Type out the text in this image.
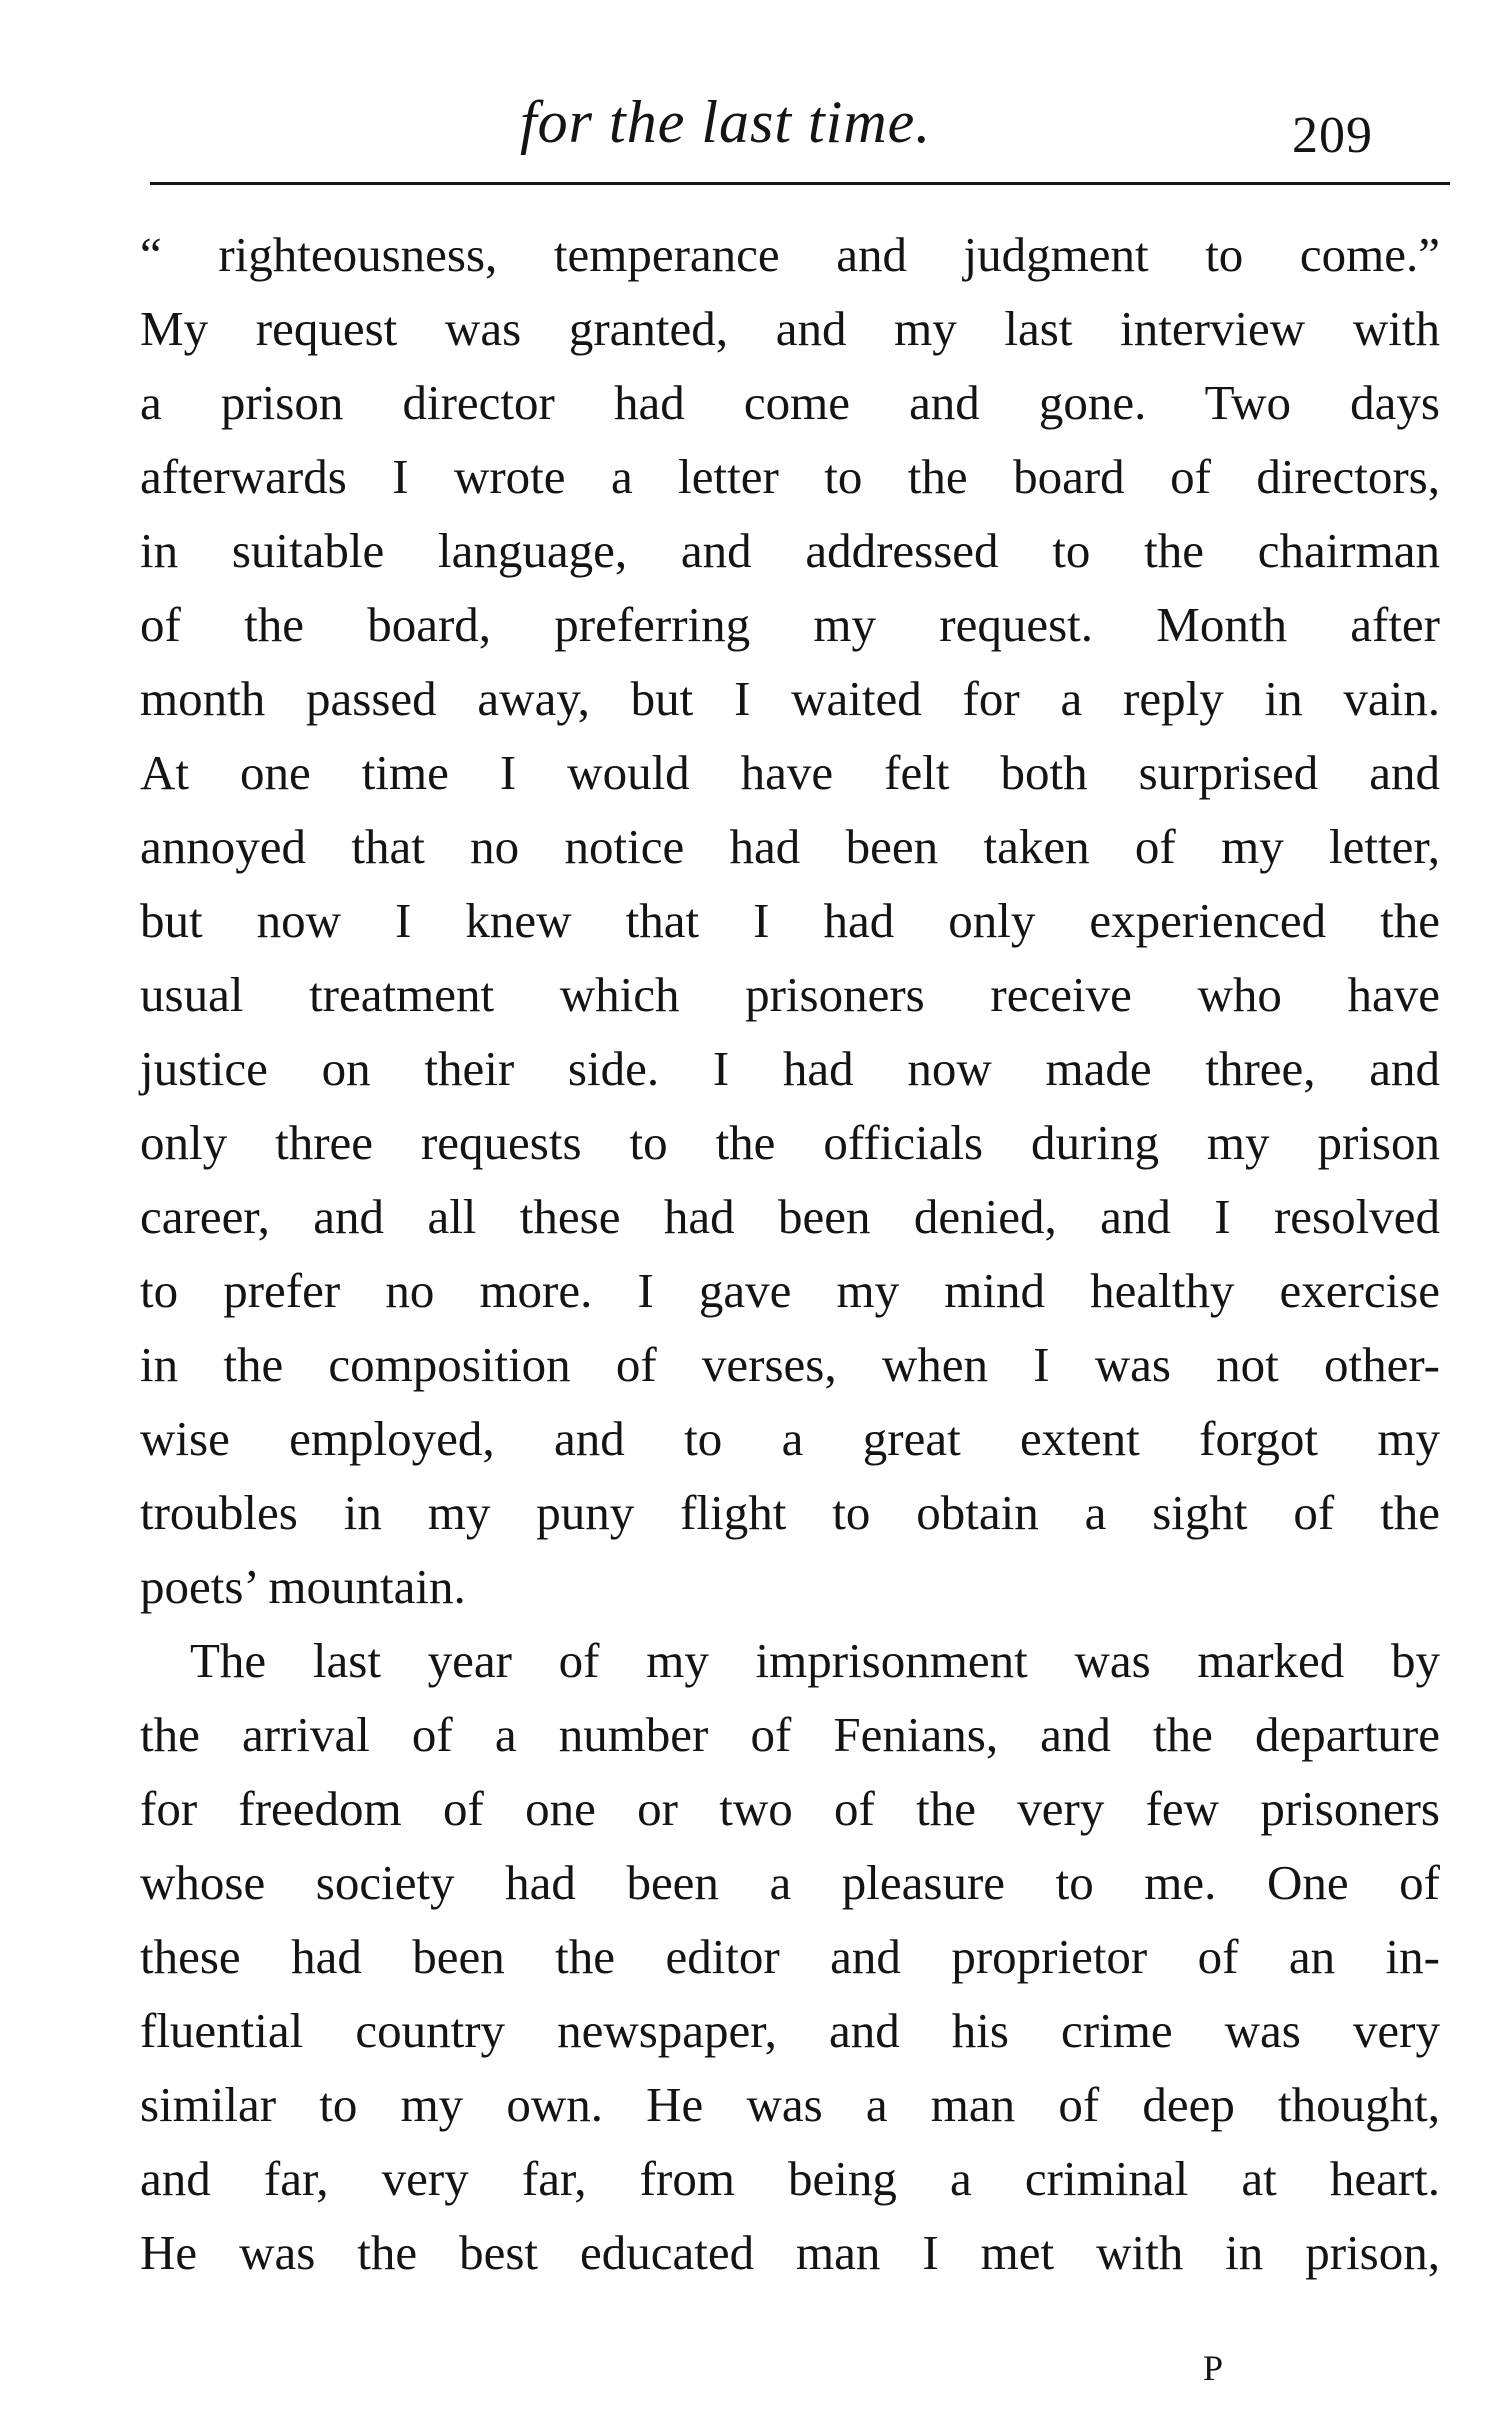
for the last time.	209
“ righteousness, temperance and judgment to come.”
My request was granted, and my last interview with
a prison director had come and gone. Two days
afterwards I wrote a letter to the board of directors,
in suitable language, and addressed to the chairman
of the board, preferring my request. Month after
month passed away, but I waited for a reply in vain.
At one time I would have felt both surprised and
annoyed that no notice had been taken of my letter,
but now I knew that I had only experienced the
usual treatment which prisoners receive who have
justice on their side. I had now made three, and
only three requests to the officials during my prison
career, and all these had been denied, and I resolved
to prefer no more. I gave my mind healthy exercise
in the composition of verses, when I was not other-
wise employed, and to a great extent forgot my
troubles in my puny flight to obtain a sight of the
poets’ mountain.
The last year of my imprisonment was marked by
the arrival of a number of Fenians, and the departure
for freedom of one or two of the very few prisoners
whose society had been a pleasure to me. One of
these had been the editor and proprietor of an in-
fluential country newspaper, and his crime was very
similar to my own. He was a man of deep thought,
and far, very far, from being a criminal at heart.
He was the best educated man I met with in prison,
P
